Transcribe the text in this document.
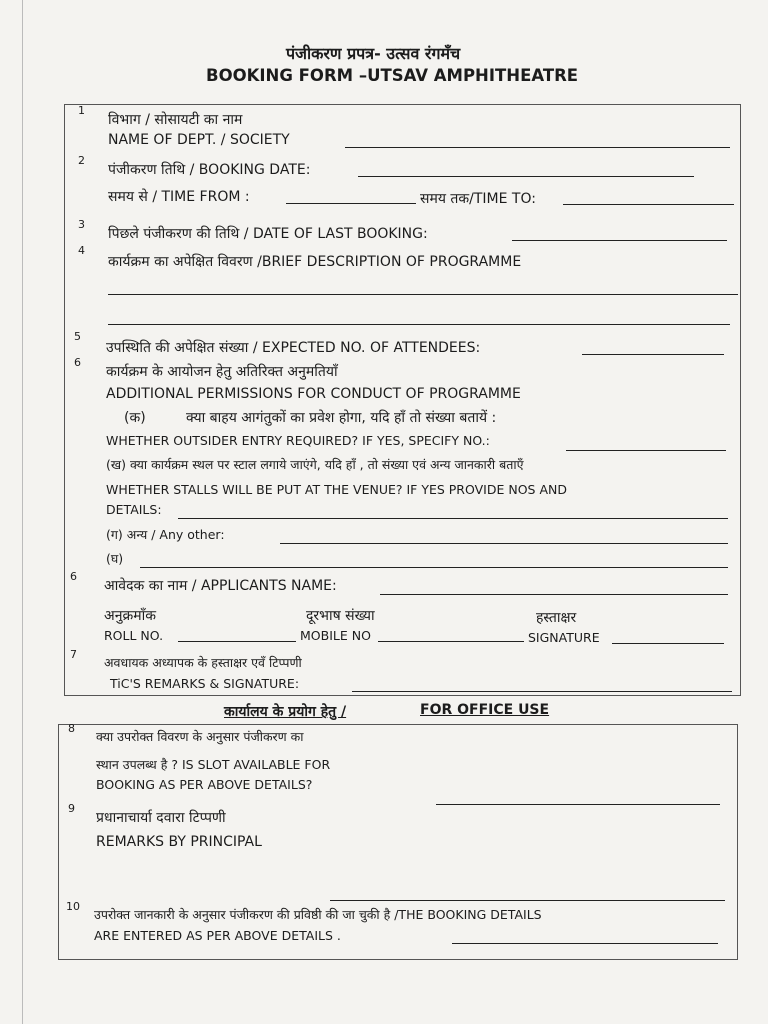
पंजीकरण प्रपत्र- उत्सव रंगमँच
BOOKING FORM –UTSAV AMPHITHEATRE
1
विभाग / सोसायटी का नाम
NAME OF DEPT. / SOCIETY
2
पंजीकरण तिथि / BOOKING DATE:
समय से / TIME FROM :	समय तक/TIME TO:
3
पिछले पंजीकरण की तिथि / DATE OF LAST BOOKING:
4
कार्यक्रम का अपेक्षित विवरण /BRIEF DESCRIPTION OF PROGRAMME
5
उपस्थिति की अपेक्षित संख्या / EXPECTED NO. OF ATTENDEES:
6
कार्यक्रम के आयोजन हेतु अतिरिक्त अनुमतियाँ
ADDITIONAL PERMISSIONS FOR CONDUCT OF PROGRAMME
(क)	क्या बाहय आगंतुकों का प्रवेश होगा, यदि हाँ तो संख्या बतायें :
WHETHER OUTSIDER ENTRY REQUIRED? IF YES, SPECIFY NO.:
(ख) क्या कार्यक्रम स्थल पर स्टाल लगाये जाएंगे, यदि हाँ , तो संख्या एवं अन्य जानकारी बताएँ
WHETHER STALLS WILL BE PUT AT THE VENUE? IF YES PROVIDE NOS AND
DETAILS:
(ग) अन्य / Any other:
(घ)
6
आवेदक का नाम / APPLICANTS NAME:
अनुक्रमाँक	दूरभाष संख्या	हस्ताक्षर
ROLL NO.	MOBILE NO	SIGNATURE
7
अवधायक अध्यापक के हस्ताक्षर एवँ टिप्पणी
TiC'S REMARKS & SIGNATURE:
कार्यालय के प्रयोग हेतु /	FOR OFFICE USE
8
क्या उपरोक्त विवरण के अनुसार पंजीकरण का
स्थान उपलब्ध है ? IS SLOT AVAILABLE FOR
BOOKING AS PER ABOVE DETAILS?
9
प्रधानाचार्या दवारा टिप्पणी
REMARKS BY PRINCIPAL
10
उपरोक्त जानकारी के अनुसार पंजीकरण की प्रविष्ठी की जा चुकी है /THE BOOKING DETAILS
ARE ENTERED AS PER ABOVE DETAILS .
